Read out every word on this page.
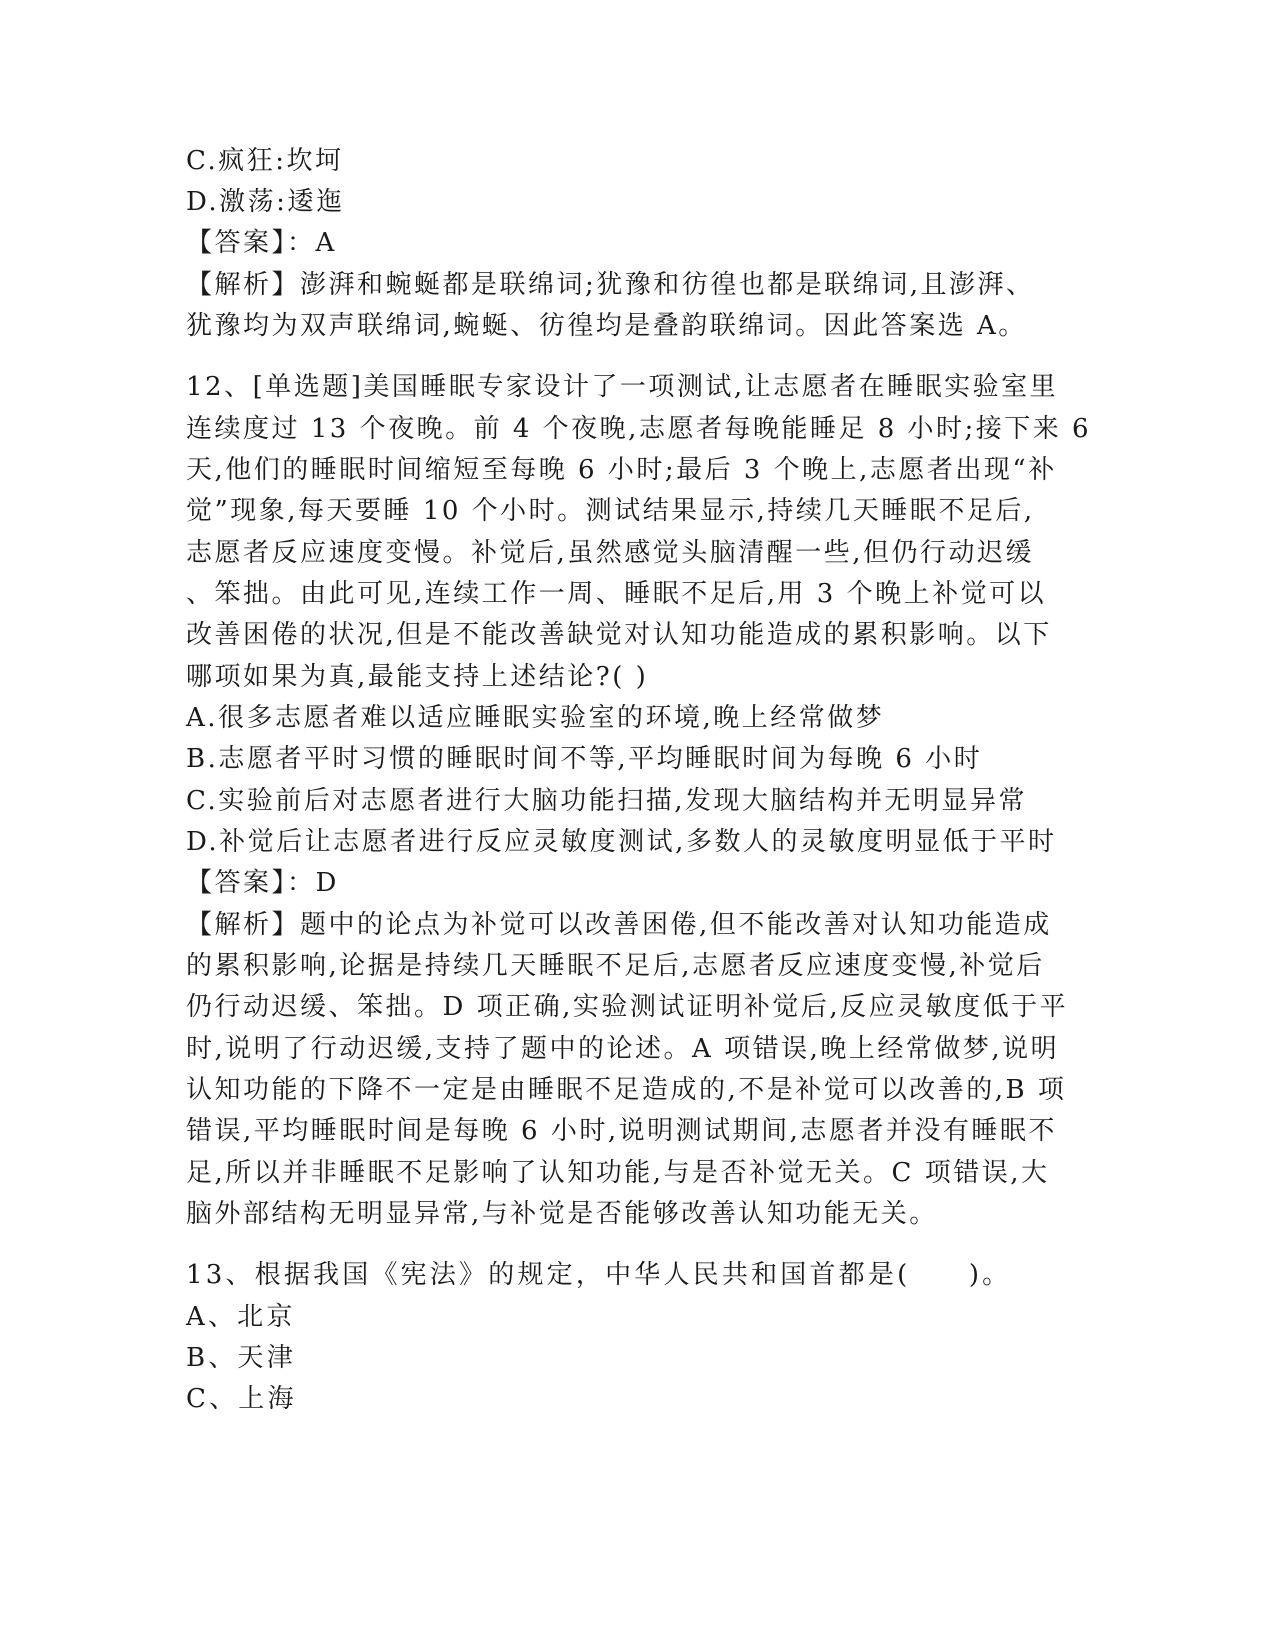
C.疯狂:坎坷
D.激荡:逶迤
【答案】：A
【解析】澎湃和蜿蜒都是联绵词;犹豫和彷徨也都是联绵词,且澎湃、
犹豫均为双声联绵词,蜿蜒、彷徨均是叠韵联绵词。因此答案选 A。
12、[单选题]美国睡眠专家设计了一项测试,让志愿者在睡眠实验室里
连续度过 13 个夜晚。前 4 个夜晚,志愿者每晚能睡足 8 小时;接下来 6
天,他们的睡眠时间缩短至每晚 6 小时;最后 3 个晚上,志愿者出现“补
觉”现象,每天要睡 10 个小时。测试结果显示,持续几天睡眠不足后,
志愿者反应速度变慢。补觉后,虽然感觉头脑清醒一些,但仍行动迟缓
、笨拙。由此可见,连续工作一周、睡眠不足后,用 3 个晚上补觉可以
改善困倦的状况,但是不能改善缺觉对认知功能造成的累积影响。以下
哪项如果为真,最能支持上述结论?( )
A.很多志愿者难以适应睡眠实验室的环境,晚上经常做梦
B.志愿者平时习惯的睡眠时间不等,平均睡眠时间为每晚 6 小时
C.实验前后对志愿者进行大脑功能扫描,发现大脑结构并无明显异常
D.补觉后让志愿者进行反应灵敏度测试,多数人的灵敏度明显低于平时
【答案】：D
【解析】题中的论点为补觉可以改善困倦,但不能改善对认知功能造成
的累积影响,论据是持续几天睡眠不足后,志愿者反应速度变慢,补觉后
仍行动迟缓、笨拙。D 项正确,实验测试证明补觉后,反应灵敏度低于平
时,说明了行动迟缓,支持了题中的论述。A 项错误,晚上经常做梦,说明
认知功能的下降不一定是由睡眠不足造成的,不是补觉可以改善的,B 项
错误,平均睡眠时间是每晚 6 小时,说明测试期间,志愿者并没有睡眠不
足,所以并非睡眠不足影响了认知功能,与是否补觉无关。C 项错误,大
脑外部结构无明显异常,与补觉是否能够改善认知功能无关。
13、根据我国《宪法》的规定，中华人民共和国首都是(　　)。
A、北京
B、天津
C、上海
